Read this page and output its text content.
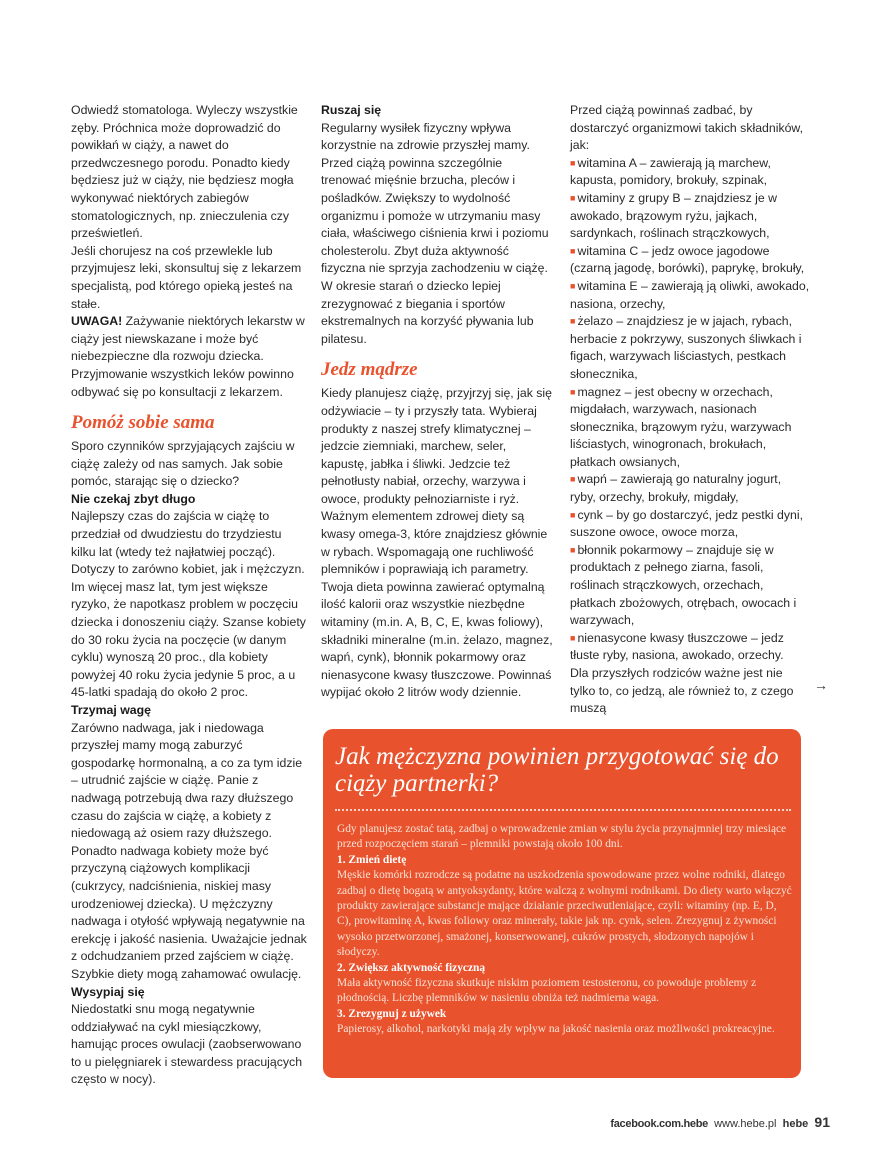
Odwiedź stomatologa. Wyleczy wszystkie zęby. Próchnica może doprowadzić do powikłań w ciąży, a nawet do przedwczesnego porodu. Ponadto kiedy będziesz już w ciąży, nie będziesz mogła wykonywać niektórych zabiegów stomatologicznych, np. znieczulenia czy prześwietleń.

Jeśli chorujesz na coś przewlekle lub przyjmujesz leki, skonsultuj się z lekarzem specjalistą, pod którego opieką jesteś na stałe.

UWAGA! Zażywanie niektórych lekarstw w ciąży jest niewskazane i może być niebezpieczne dla rozwoju dziecka. Przyjmowanie wszystkich leków powinno odbywać się po konsultacji z lekarzem.

Pomóż sobie sama

Sporo czynników sprzyjających zajściu w ciążę zależy od nas samych. Jak sobie pomóc, starając się o dziecko?

Nie czekaj zbyt długo

Najlepszy czas do zajścia w ciążę to przedział od dwudziestu do trzydziestu kilku lat (wtedy też najłatwiej począć). Dotyczy to zarówno kobiet, jak i mężczyzn. Im więcej masz lat, tym jest większe ryzyko, że napotkasz problem w poczęciu dziecka i donoszeniu ciąży. Szanse kobiety do 30 roku życia na poczęcie (w danym cyklu) wynoszą 20 proc., dla kobiety powyżej 40 roku życia jedynie 5 proc, a u 45-latki spadają do około 2 proc.

Trzymaj wagę

Zarówno nadwaga, jak i niedowaga przyszłej mamy mogą zaburzyć gospodarkę hormonalną, a co za tym idzie – utrudnić zajście w ciążę. Panie z nadwagą potrzebują dwa razy dłuższego czasu do zajścia w ciążę, a kobiety z niedowagą aż osiem razy dłuższego. Ponadto nadwaga kobiety może być przyczyną ciążowych komplikacji (cukrzycy, nadciśnienia, niskiej masy urodzeniowej dziecka). U mężczyzny nadwaga i otyłość wpływają negatywnie na erekcję i jakość nasienia. Uważajcie jednak z odchudzaniem przed zajściem w ciążę. Szybkie diety mogą zahamować owulację.

Wysypiaj się

Niedostatki snu mogą negatywnie oddziaływać na cykl miesiączkowy, hamując proces owulacji (zaobserwowano to u pielęgniarek i stewardess pracujących często w nocy).

Ruszaj się

Regularny wysiłek fizyczny wpływa korzystnie na zdrowie przyszłej mamy. Przed ciążą powinna szczególnie trenować mięśnie brzucha, pleców i pośladków. Zwiększy to wydolność organizmu i pomoże w utrzymaniu masy ciała, właściwego ciśnienia krwi i poziomu cholesterolu. Zbyt duża aktywność fizyczna nie sprzyja zachodzeniu w ciążę. W okresie starań o dziecko lepiej zrezygnować z biegania i sportów ekstremalnych na korzyść pływania lub pilatesu.

Jedz mądrze

Kiedy planujesz ciążę, przyjrzyj się, jak się odżywiacie – ty i przyszły tata. Wybieraj produkty z naszej strefy klimatycznej – jedzcie ziemniaki, marchew, seler, kapustę, jabłka i śliwki. Jedzcie też pełnotłusty nabiał, orzechy, warzywa i owoce, produkty pełnoziarniste i ryż. Ważnym elementem zdrowej diety są kwasy omega-3, które znajdziesz głównie w rybach. Wspomagają one ruchliwość plemników i poprawiają ich parametry. Twoja dieta powinna zawierać optymalną ilość kalorii oraz wszystkie niezbędne witaminy (m.in. A, B, C, E, kwas foliowy), składniki mineralne (m.in. żelazo, magnez, wapń, cynk), błonnik pokarmowy oraz nienasycone kwasy tłuszczowe. Powinnaś wypijać około 2 litrów wody dziennie.

Przed ciążą powinnaś zadbać, by dostarczyć organizmowi takich składników, jak:

■ witamina A – zawierają ją marchew, kapusta, pomidory, brokuły, szpinak,

■ witaminy z grupy B – znajdziesz je w awokado, brązowym ryżu, jajkach, sardynkach, roślinach strączkowych,

■ witamina C – jedz owoce jagodowe (czarną jagodę, borówki), paprykę, brokuły,

■ witamina E – zawierają ją oliwki, awokado, nasiona, orzechy,

■ żelazo – znajdziesz je w jajach, rybach, herbacie z pokrzywy, suszonych śliwkach i figach, warzywach liściastych, pestkach słonecznika,

■ magnez – jest obecny w orzechach, migdałach, warzywach, nasionach słonecznika, brązowym ryżu, warzywach liściastych, winogronach, brokułach, płatkach owsianych,

■ wapń – zawierają go naturalny jogurt, ryby, orzechy, brokuły, migdały,

■ cynk – by go dostarczyć, jedz pestki dyni, suszone owoce, owoce morza,

■ błonnik pokarmowy – znajduje się w produktach z pełnego ziarna, fasoli, roślinach strączkowych, orzechach, płatkach zbożowych, otrębach, owocach i warzywach,

■ nienasycone kwasy tłuszczowe – jedz tłuste ryby, nasiona, awokado, orzechy.

Dla przyszłych rodziców ważne jest nie tylko to, co jedzą, ale również to, z czego muszą

→
Jak mężczyzna powinien przygotować się do ciąży partnerki?

Gdy planujesz zostać tatą, zadbaj o wprowadzenie zmian w stylu życia przynajmniej trzy miesiące przed rozpoczęciem starań – plemniki powstają około 100 dni.

1. Zmień dietę

Męskie komórki rozrodcze są podatne na uszkodzenia spowodowane przez wolne rodniki, dlatego zadbaj o dietę bogatą w antyoksydanty, które walczą z wolnymi rodnikami. Do diety warto włączyć produkty zawierające substancje mające działanie przeciwutleniające, czyli: witaminy (np. E, D, C), prowitaminę A, kwas foliowy oraz minerały, takie jak np. cynk, selen. Zrezygnuj z żywności wysoko przetworzonej, smażonej, konserwowanej, cukrów prostych, słodzonych napojów i słodyczy.

2. Zwiększ aktywność fizyczną

Mała aktywność fizyczna skutkuje niskim poziomem testosteronu, co powoduje problemy z płodnością. Liczbę plemników w nasieniu obniża też nadmierna waga.

3. Zrezygnuj z używek

Papierosy, alkohol, narkotyki mają zły wpływ na jakość nasienia oraz możliwości prokreacyjne.

facebook.com.hebe www.hebe.pl hebe 91
